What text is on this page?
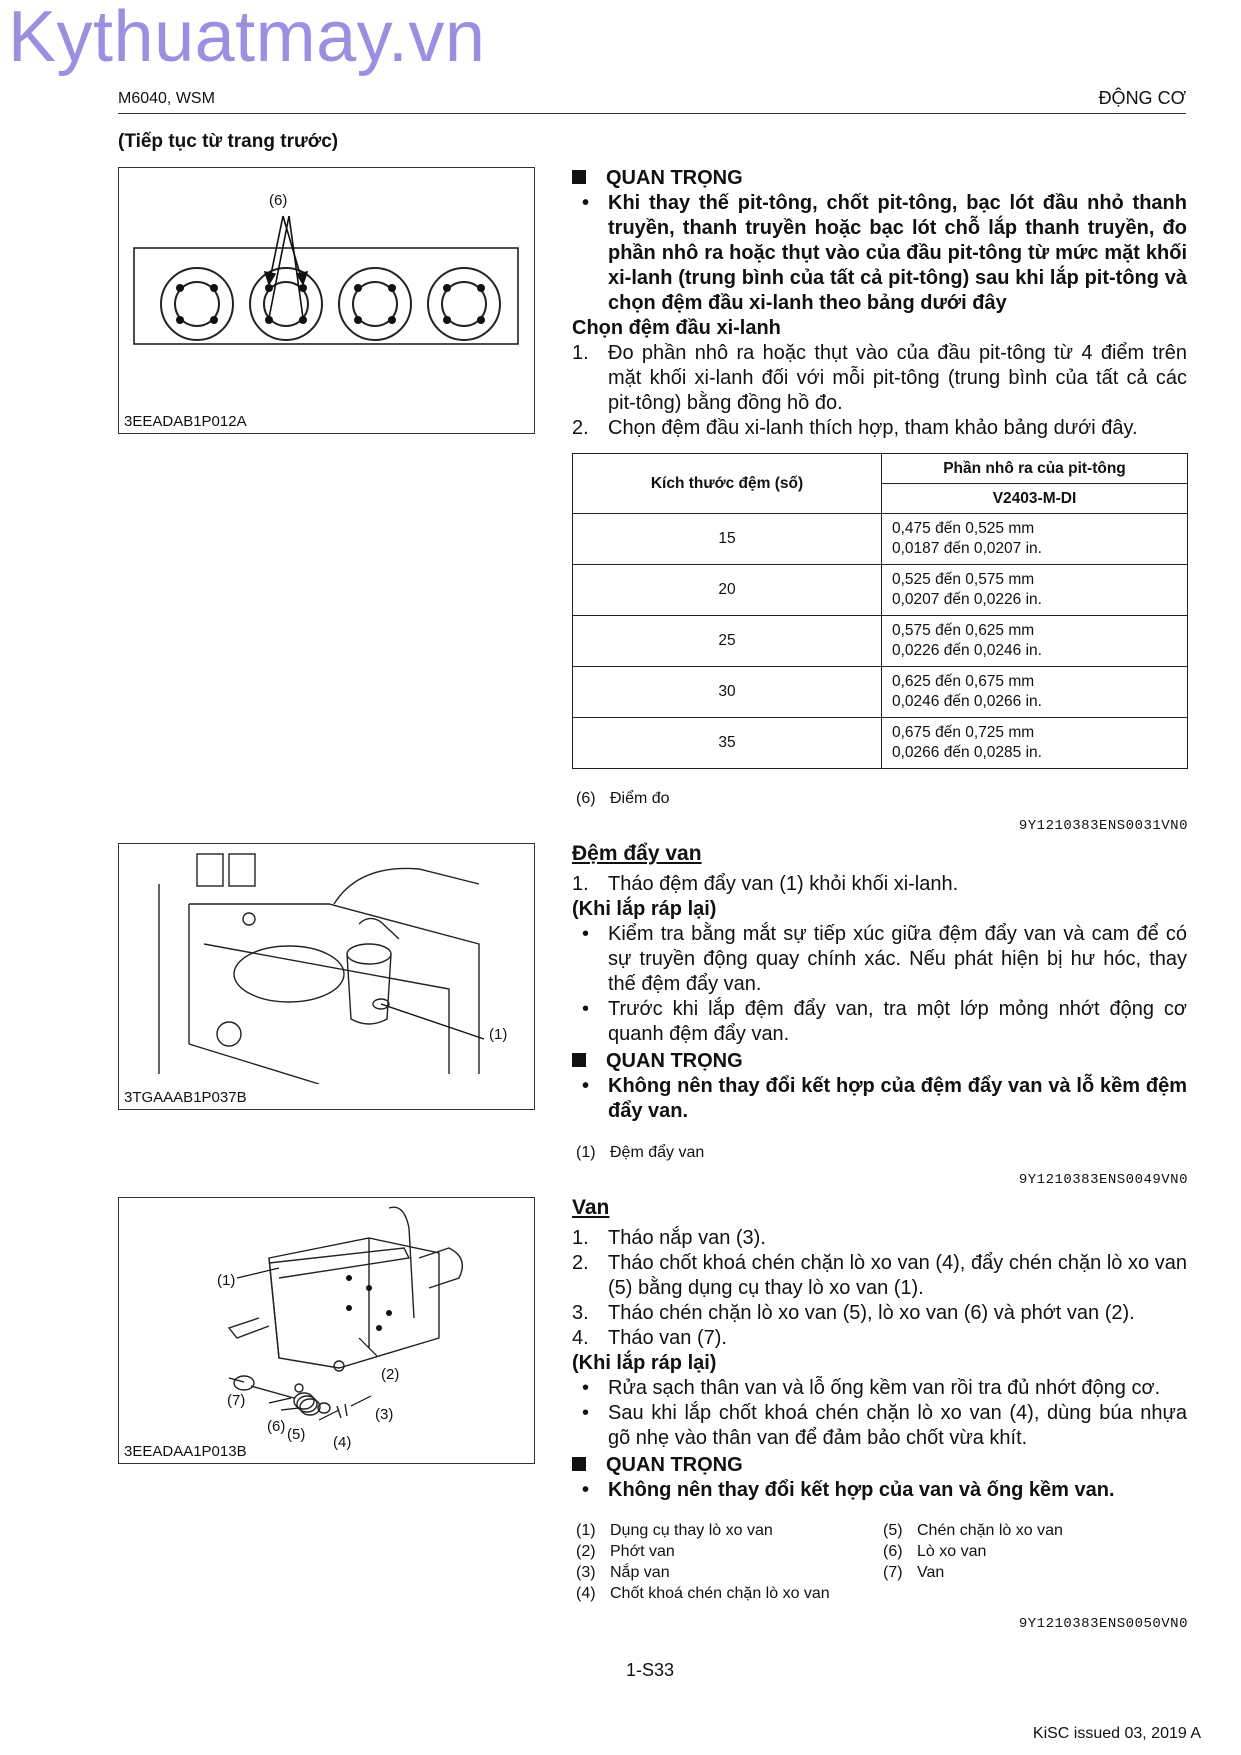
Kythuatmay.vn
M6040, WSM	ĐỘNG CƠ
(Tiếp tục từ trang trước)
(6)
3EEADAB1P012A
QUAN TRỌNG
• Khi thay thế pit-tông, chốt pit-tông, bạc lót đầu nhỏ thanh truyền, thanh truyền hoặc bạc lót chỗ lắp thanh truyền, đo phần nhô ra hoặc thụt vào của đầu pit-tông từ mức mặt khối xi-lanh (trung bình của tất cả pit-tông) sau khi lắp pit-tông và chọn đệm đầu xi-lanh theo bảng dưới đây
Chọn đệm đầu xi-lanh
1. Đo phần nhô ra hoặc thụt vào của đầu pit-tông từ 4 điểm trên mặt khối xi-lanh đối với mỗi pit-tông (trung bình của tất cả các pit-tông) bằng đồng hồ đo.
2. Chọn đệm đầu xi-lanh thích hợp, tham khảo bảng dưới đây.
Kích thước đệm (số)	Phần nhô ra của pit-tông
	V2403-M-DI
15	0,475 đến 0,525 mm
0,0187 đến 0,0207 in.

20	0,525 đến 0,575 mm
0,0207 đến 0,0226 in.

25	0,575 đến 0,625 mm
0,0226 đến 0,0246 in.

30	0,625 đến 0,675 mm
0,0246 đến 0,0266 in.

35	0,675 đến 0,725 mm
0,0266 đến 0,0285 in.
(6) Điểm đo
9Y1210383ENS0031VN0
(1)
3TGAAAB1P037B
Đệm đẩy van
1. Tháo đệm đẩy van (1) khỏi khối xi-lanh.
(Khi lắp ráp lại)
• Kiểm tra bằng mắt sự tiếp xúc giữa đệm đẩy van và cam để có sự truyền động quay chính xác. Nếu phát hiện bị hư hóc, thay thế đệm đẩy van.
• Trước khi lắp đệm đẩy van, tra một lớp mỏng nhớt động cơ quanh đệm đẩy van.
QUAN TRỌNG
• Không nên thay đổi kết hợp của đệm đẩy van và lỗ kềm đệm đẩy van.
(1) Đệm đẩy van
9Y1210383ENS0049VN0
(1)
(2)
(3)
(4)
(5)
(6)
(7)
3EEADAA1P013B
Van
1. Tháo nắp van (3).
2. Tháo chốt khoá chén chặn lò xo van (4), đẩy chén chặn lò xo van (5) bằng dụng cụ thay lò xo van (1).
3. Tháo chén chặn lò xo van (5), lò xo van (6) và phớt van (2).
4. Tháo van (7).
(Khi lắp ráp lại)
• Rửa sạch thân van và lỗ ống kềm van rồi tra đủ nhớt động cơ.
• Sau khi lắp chốt khoá chén chặn lò xo van (4), dùng búa nhựa gõ nhẹ vào thân van để đảm bảo chốt vừa khít.
QUAN TRỌNG
• Không nên thay đổi kết hợp của van và ống kềm van.
(1) Dụng cụ thay lò xo van
(2) Phớt van
(3) Nắp van
(4) Chốt khoá chén chặn lò xo van
(5) Chén chặn lò xo van
(6) Lò xo van
(7) Van
9Y1210383ENS0050VN0
1-S33
KiSC issued 03, 2019 A
